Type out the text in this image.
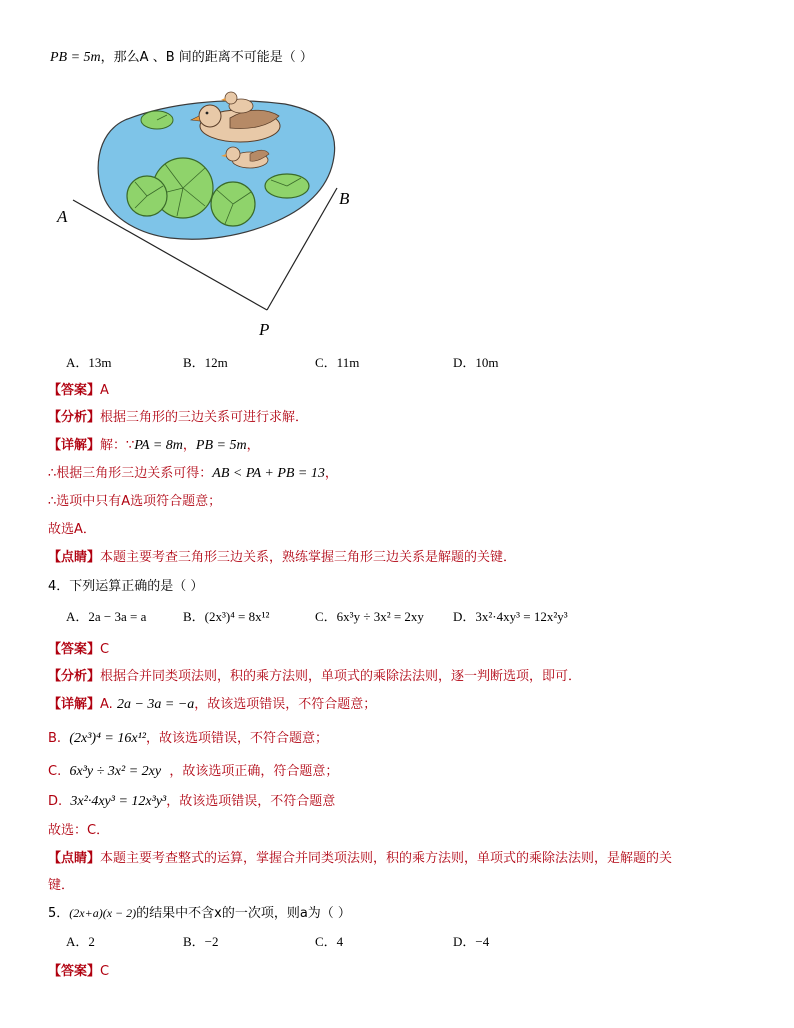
PB = 5m，那么A 、B 间的距离不可能是（ ）
A
B
P
A．13m	B．12m	C．11m	D．10m
【答案】A
【分析】根据三角形的三边关系可进行求解．
【详解】解：∵PA = 8m，PB = 5m，
∴根据三角形三边关系可得：AB < PA + PB = 13，
∴选项中只有A选项符合题意；
故选A．
【点睛】本题主要考查三角形三边关系，熟练掌握三角形三边关系是解题的关键．
4．下列运算正确的是（ ）
A．2a − 3a = a	B．(2x³)⁴ = 8x¹²	C．6x³y ÷ 3x² = 2xy D．3x²·4xy³ = 12x²y³
【答案】C
【分析】根据合并同类项法则，积的乘方法则，单项式的乘除法法则，逐一判断选项，即可．
【详解】A. 2a − 3a = −a，故该选项错误，不符合题意；
B. (2x³)⁴ = 16x¹²，故该选项错误，不符合题意；
C. 6x³y ÷ 3x² = 2xy ，故该选项正确，符合题意；
D. 3x²·4xy³ = 12x³y³，故该选项错误，不符合题意
故选：C．
【点睛】本题主要考查整式的运算，掌握合并同类项法则，积的乘方法则，单项式的乘除法法则，是解题的关
键．
5．(2x+a)(x − 2)的结果中不含x的一次项，则a为（ ）
A．2	B．−2	C．4	D．−4
【答案】C
